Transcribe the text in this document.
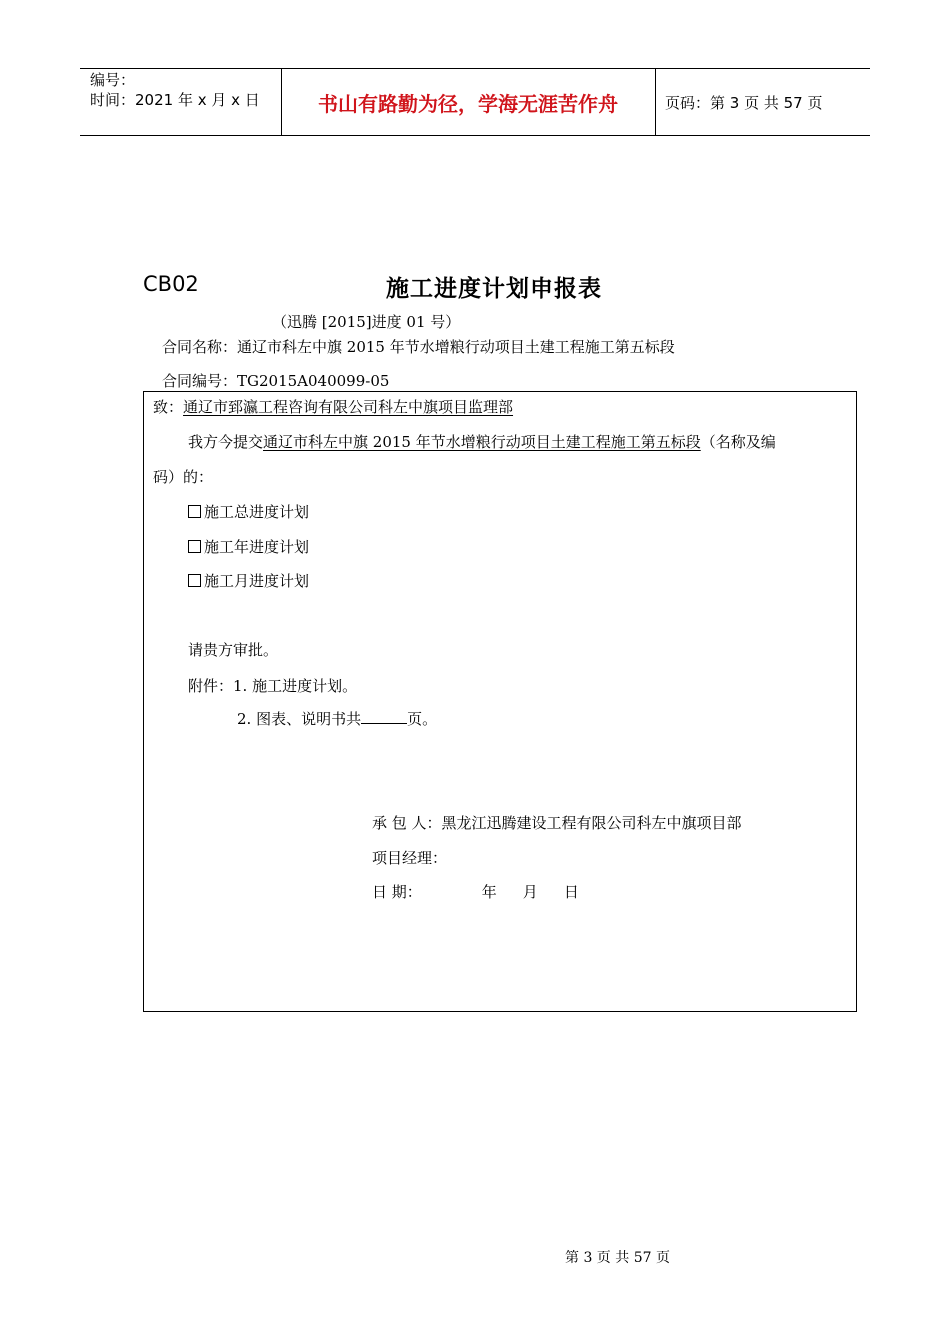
编号：
时间：2021 年 x 月 x 日	书山有路勤为径，学海无涯苦作舟	页码：第 3 页 共 57 页
CB02	施工进度计划申报表
（迅腾 [2015]进度 01 号）
合同名称：通辽市科左中旗 2015 年节水增粮行动项目土建工程施工第五标段
合同编号：TG2015A040099-05
致：通辽市郅瀛工程咨询有限公司科左中旗项目监理部
我方今提交通辽市科左中旗 2015 年节水增粮行动项目土建工程施工第五标段（名称及编
码）的：
施工总进度计划
施工年进度计划
施工月进度计划
请贵方审批。
附件：1. 施工进度计划。
2. 图表、说明书共	页。
承 包 人：黑龙江迅腾建设工程有限公司科左中旗项目部
项目经理：
日 期：	年 月 日
第 3 页 共 57 页
